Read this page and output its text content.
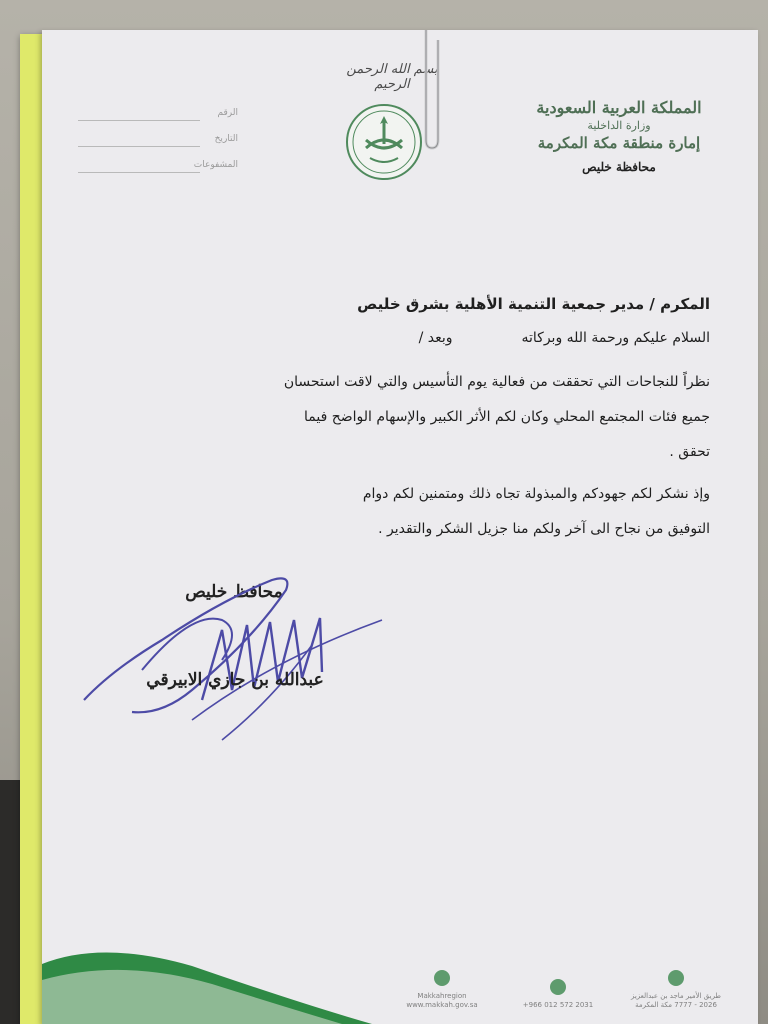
بسم الله الرحمن الرحيم
المملكة العربية السعودية
وزارة الداخلية
إمارة منطقة مكة المكرمة
محافظة خليص
الرقم
التاريخ
المشفوعات
المكرم / مدير جمعية التنمية الأهلية بشرق خليص
السلام عليكم ورحمة الله وبركاته  وبعد /

نظراً للنجاحات التي تحققت من فعالية يوم التأسيس والتي لاقت استحسان

جميع فئات المجتمع المحلي وكان لكم الأثر الكبير والإسهام الواضح فيما

تحقق .

وإذ نشكر لكم جهودكم والمبذولة تجاه ذلك ومتمنين لكم دوام

التوفيق من نجاح الى آخر ولكم منا جزيل الشكر والتقدير .

محافظ خليص
عبدالله بن جازي الابيرقي
Makkahregion
www.makkah.gov.sa	+966 012 572 2031
طريق الأمير ماجد بن عبدالعزيز
2026 - 7777 مكة المكرمة
